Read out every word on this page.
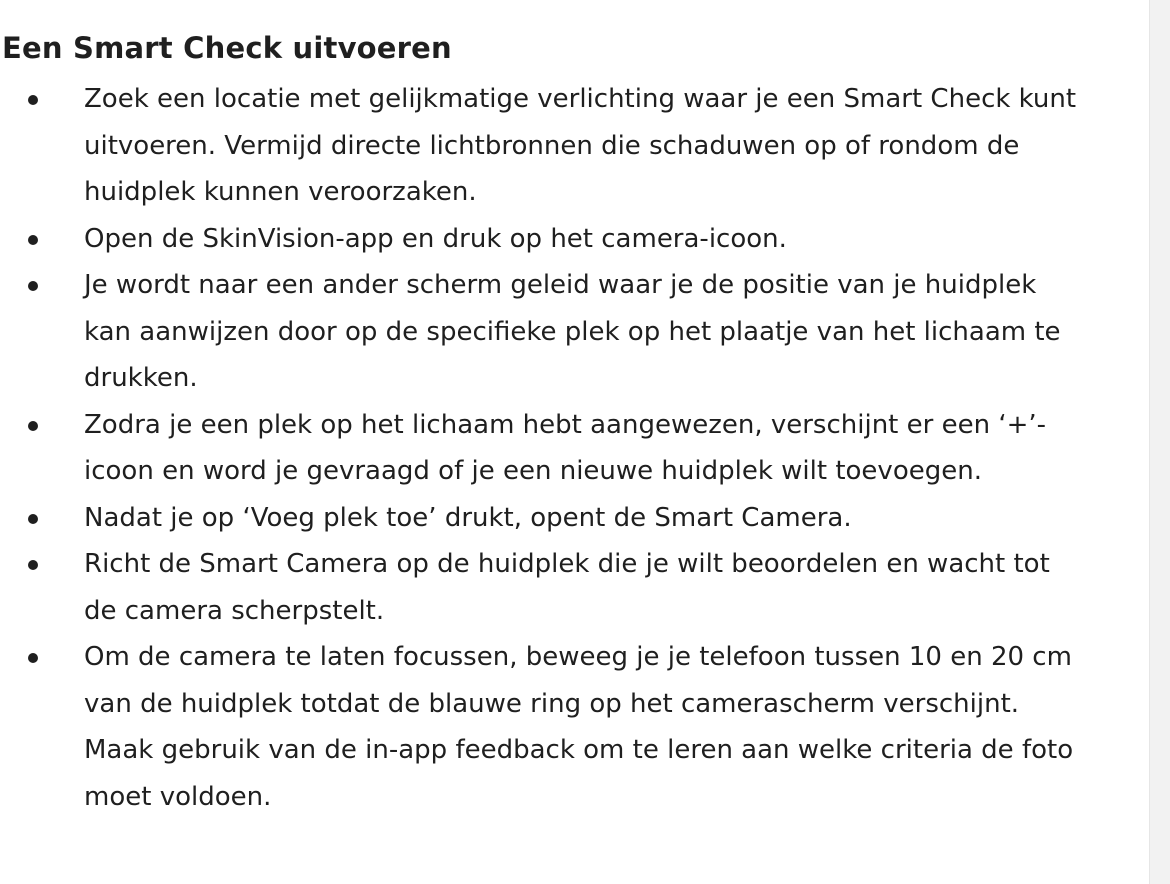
Een Smart Check uitvoeren
Zoek een locatie met gelijkmatige verlichting waar je een Smart Check kunt uitvoeren. Vermijd directe lichtbronnen die schaduwen op of rondom de huidplek kunnen veroorzaken.
Open de SkinVision-app en druk op het camera-icoon.
Je wordt naar een ander scherm geleid waar je de positie van je huidplek kan aanwijzen door op de specifieke plek op het plaatje van het lichaam te drukken.
Zodra je een plek op het lichaam hebt aangewezen, verschijnt er een ‘+’-icoon en word je gevraagd of je een nieuwe huidplek wilt toevoegen.
Nadat je op ‘Voeg plek toe’ drukt, opent de Smart Camera.
Richt de Smart Camera op de huidplek die je wilt beoordelen en wacht tot de camera scherpstelt.
Om de camera te laten focussen, beweeg je je telefoon tussen 10 en 20 cm van de huidplek totdat de blauwe ring op het camerascherm verschijnt. Maak gebruik van de in-app feedback om te leren aan welke criteria de foto moet voldoen.
